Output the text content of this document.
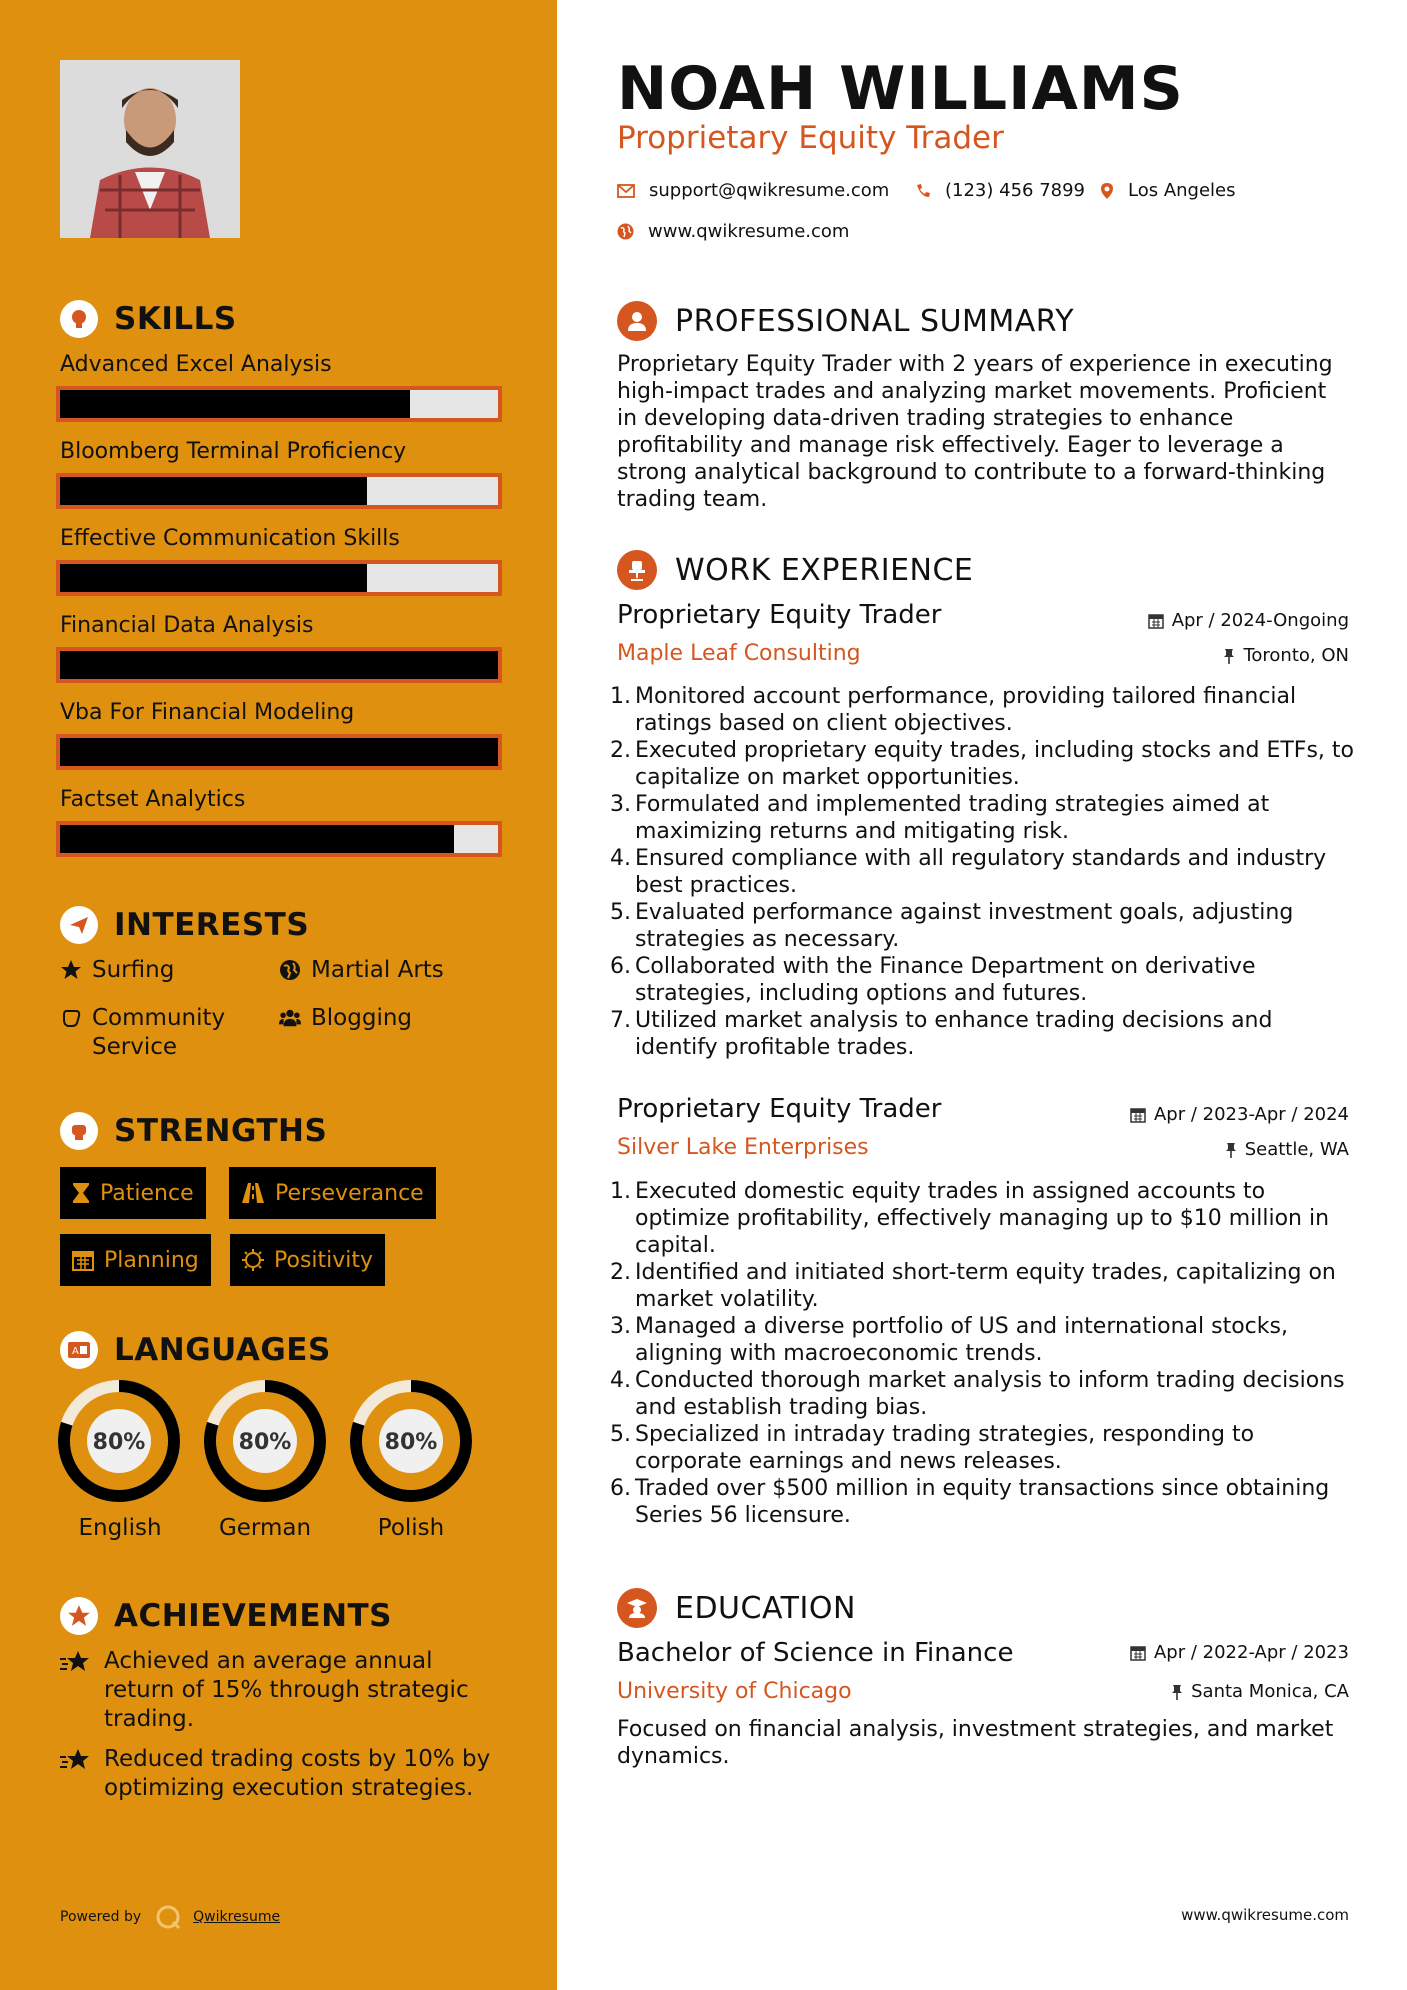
SKILLS
Advanced Excel Analysis
Bloomberg Terminal Proficiency
Effective Communication Skills
Financial Data Analysis
Vba For Financial Modeling
Factset Analytics
INTERESTS
Surfing	Martial Arts
Community Service
Blogging
STRENGTHS
Patience	Perseverance
Planning	Positivity
A LANGUAGES
80%	80%	80%
English	German	Polish
ACHIEVEMENTS
Achieved an average annual return of 15% through strategic trading.
Reduced trading costs by 10% by optimizing execution strategies.
Powered by	Qwikresume
NOAH WILLIAMS
Proprietary Equity Trader
support@qwikresume.com	(123) 456 7899 Los Angeles
www.qwikresume.com
PROFESSIONAL SUMMARY
Proprietary Equity Trader with 2 years of experience in executing high-impact trades and analyzing market movements. Proficient in developing data-driven trading strategies to enhance profitability and manage risk effectively. Eager to leverage a strong analytical background to contribute to a forward-thinking trading team.
WORK EXPERIENCE
Proprietary Equity Trader	Apr / 2024-Ongoing
Maple Leaf Consulting	Toronto, ON
1. Monitored account performance, providing tailored financial ratings based on client objectives.
2. Executed proprietary equity trades, including stocks and ETFs, to capitalize on market opportunities.
3. Formulated and implemented trading strategies aimed at maximizing returns and mitigating risk.
4. Ensured compliance with all regulatory standards and industry best practices.
5. Evaluated performance against investment goals, adjusting strategies as necessary.
6. Collaborated with the Finance Department on derivative strategies, including options and futures.
7. Utilized market analysis to enhance trading decisions and identify profitable trades.
Proprietary Equity Trader	Apr / 2023-Apr / 2024
Silver Lake Enterprises	Seattle, WA
1. Executed domestic equity trades in assigned accounts to optimize profitability, effectively managing up to $10 million in capital.
2. Identified and initiated short-term equity trades, capitalizing on market volatility.
3. Managed a diverse portfolio of US and international stocks, aligning with macroeconomic trends.
4. Conducted thorough market analysis to inform trading decisions and establish trading bias.
5. Specialized in intraday trading strategies, responding to corporate earnings and news releases.
6. Traded over $500 million in equity transactions since obtaining Series 56 licensure.
EDUCATION
Bachelor of Science in Finance	Apr / 2022-Apr / 2023
University of Chicago	Santa Monica, CA
Focused on financial analysis, investment strategies, and market dynamics.
www.qwikresume.com
